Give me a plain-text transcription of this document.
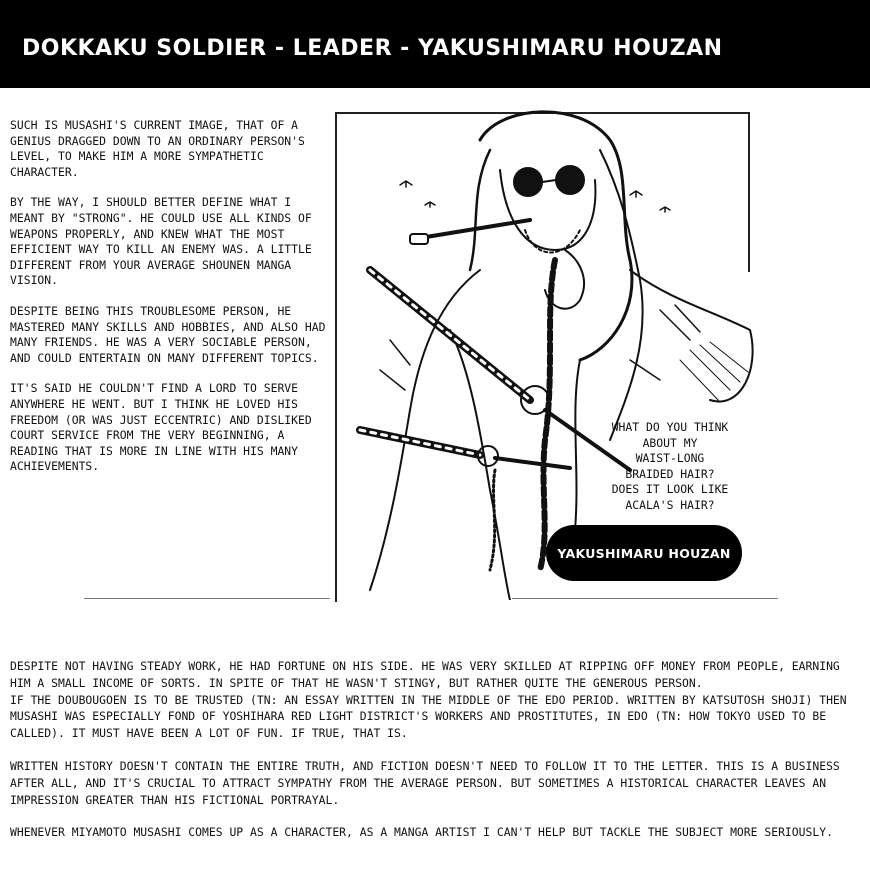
DOKKAKU SOLDIER - LEADER - YAKUSHIMARU HOUZAN

SUCH IS MUSASHI'S CURRENT IMAGE, THAT OF A GENIUS DRAGGED DOWN TO AN ORDINARY PERSON'S LEVEL, TO MAKE HIM A MORE SYMPATHETIC CHARACTER.

BY THE WAY, I SHOULD BETTER DEFINE WHAT I MEANT BY "STRONG". HE COULD USE ALL KINDS OF WEAPONS PROPERLY, AND KNEW WHAT THE MOST EFFICIENT WAY TO KILL AN ENEMY WAS. A LITTLE DIFFERENT FROM YOUR AVERAGE SHOUNEN MANGA VISION.

DESPITE BEING THIS TROUBLESOME PERSON, HE MASTERED MANY SKILLS AND HOBBIES, AND ALSO HAD MANY FRIENDS. HE WAS A VERY SOCIABLE PERSON, AND COULD ENTERTAIN ON MANY DIFFERENT TOPICS.

IT'S SAID HE COULDN'T FIND A LORD TO SERVE ANYWHERE HE WENT. BUT I THINK HE LOVED HIS FREEDOM (OR WAS JUST ECCENTRIC) AND DISLIKED COURT SERVICE FROM THE VERY BEGINNING, A READING THAT IS MORE IN LINE WITH HIS MANY ACHIEVEMENTS.

WHAT DO YOU THINK
ABOUT MY
WAIST-LONG
BRAIDED HAIR?
DOES IT LOOK LIKE
ACALA'S HAIR?
YAKUSHIMARU HOUZAN

DESPITE NOT HAVING STEADY WORK, HE HAD FORTUNE ON HIS SIDE. HE WAS VERY SKILLED AT RIPPING OFF MONEY FROM PEOPLE, EARNING HIM A SMALL INCOME OF SORTS. IN SPITE OF THAT HE WASN'T STINGY, BUT RATHER QUITE THE GENEROUS PERSON.
IF THE DOUBOUGOEN IS TO BE TRUSTED (TN: AN ESSAY WRITTEN IN THE MIDDLE OF THE EDO PERIOD. WRITTEN BY KATSUTOSH SHOJI) THEN MUSASHI WAS ESPECIALLY FOND OF YOSHIHARA RED LIGHT DISTRICT'S WORKERS AND PROSTITUTES, IN EDO (TN: HOW TOKYO USED TO BE CALLED). IT MUST HAVE BEEN A LOT OF FUN. IF TRUE, THAT IS.

WRITTEN HISTORY DOESN'T CONTAIN THE ENTIRE TRUTH, AND FICTION DOESN'T NEED TO FOLLOW IT TO THE LETTER. THIS IS A BUSINESS AFTER ALL, AND IT'S CRUCIAL TO ATTRACT SYMPATHY FROM THE AVERAGE PERSON. BUT SOMETIMES A HISTORICAL CHARACTER LEAVES AN IMPRESSION GREATER THAN HIS FICTIONAL PORTRAYAL.

WHENEVER MIYAMOTO MUSASHI COMES UP AS A CHARACTER, AS A MANGA ARTIST I CAN'T HELP BUT TACKLE THE SUBJECT MORE SERIOUSLY.
